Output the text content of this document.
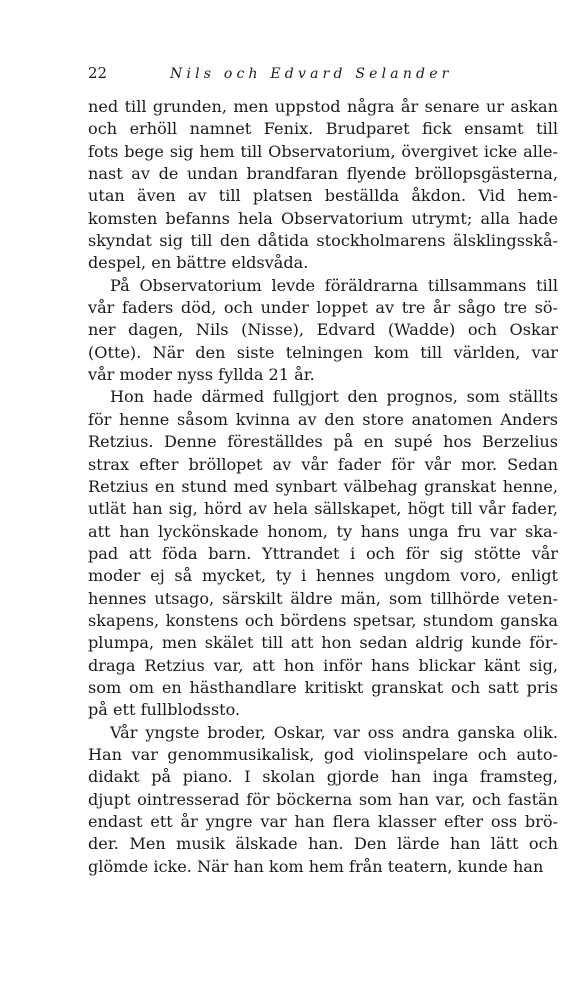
22	Nils och Edvard Selander
ned till grunden, men uppstod några år senare ur askan
och erhöll namnet Fenix. Brudparet fick ensamt till
fots bege sig hem till Observatorium, övergivet icke alle-
nast av de undan brandfaran flyende bröllopsgästerna,
utan även av till platsen beställda åkdon. Vid hem-
komsten befanns hela Observatorium utrymt; alla hade
skyndat sig till den dåtida stockholmarens älsklingsskå-
despel, en bättre eldsvåda.
På Observatorium levde föräldrarna tillsammans till
vår faders död, och under loppet av tre år sågo tre sö-
ner dagen, Nils (Nisse), Edvard (Wadde) och Oskar
(Otte). När den siste telningen kom till världen, var
vår moder nyss fyllda 21 år.
Hon hade därmed fullgjort den prognos, som ställts
för henne såsom kvinna av den store anatomen Anders
Retzius. Denne föreställdes på en supé hos Berzelius
strax efter bröllopet av vår fader för vår mor. Sedan
Retzius en stund med synbart välbehag granskat henne,
utlät han sig, hörd av hela sällskapet, högt till vår fader,
att han lyckönskade honom, ty hans unga fru var ska-
pad att föda barn. Yttrandet i och för sig stötte vår
moder ej så mycket, ty i hennes ungdom voro, enligt
hennes utsago, särskilt äldre män, som tillhörde veten-
skapens, konstens och bördens spetsar, stundom ganska
plumpa, men skälet till att hon sedan aldrig kunde för-
draga Retzius var, att hon inför hans blickar känt sig,
som om en hästhandlare kritiskt granskat och satt pris
på ett fullblodssto.
Vår yngste broder, Oskar, var oss andra ganska olik.
Han var genommusikalisk, god violinspelare och auto-
didakt på piano. I skolan gjorde han inga framsteg,
djupt ointresserad för böckerna som han var, och fastän
endast ett år yngre var han flera klasser efter oss brö-
der. Men musik älskade han. Den lärde han lätt och
glömde icke. När han kom hem från teatern, kunde han
